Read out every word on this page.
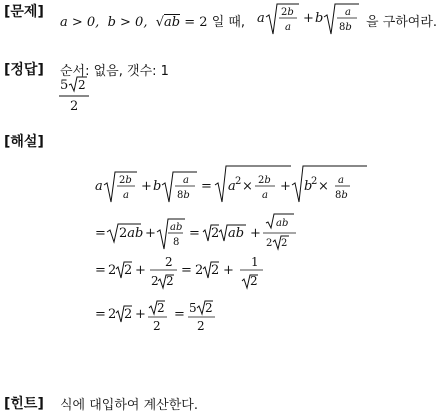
[문제]
a > 0, b > 0, √ab = 2 일 때, a 2b
a
+ b a
8b 을 구하여라.
[정답] 순서: 없음, 갯수: 1
5 2
2
[해설]
a 2b
a
+ b a
8b
= a 2 × 2b
a
+ b
2 ×
= 2ab + ab
8
= 2 ab +
= 2 2 +
2
2 2
= 2 2 +
1
2
= 2 2 + 2
2
= 5 2
2
a
8b
ab
2 2
[힌트] 식에 대입하여 계산한다.
